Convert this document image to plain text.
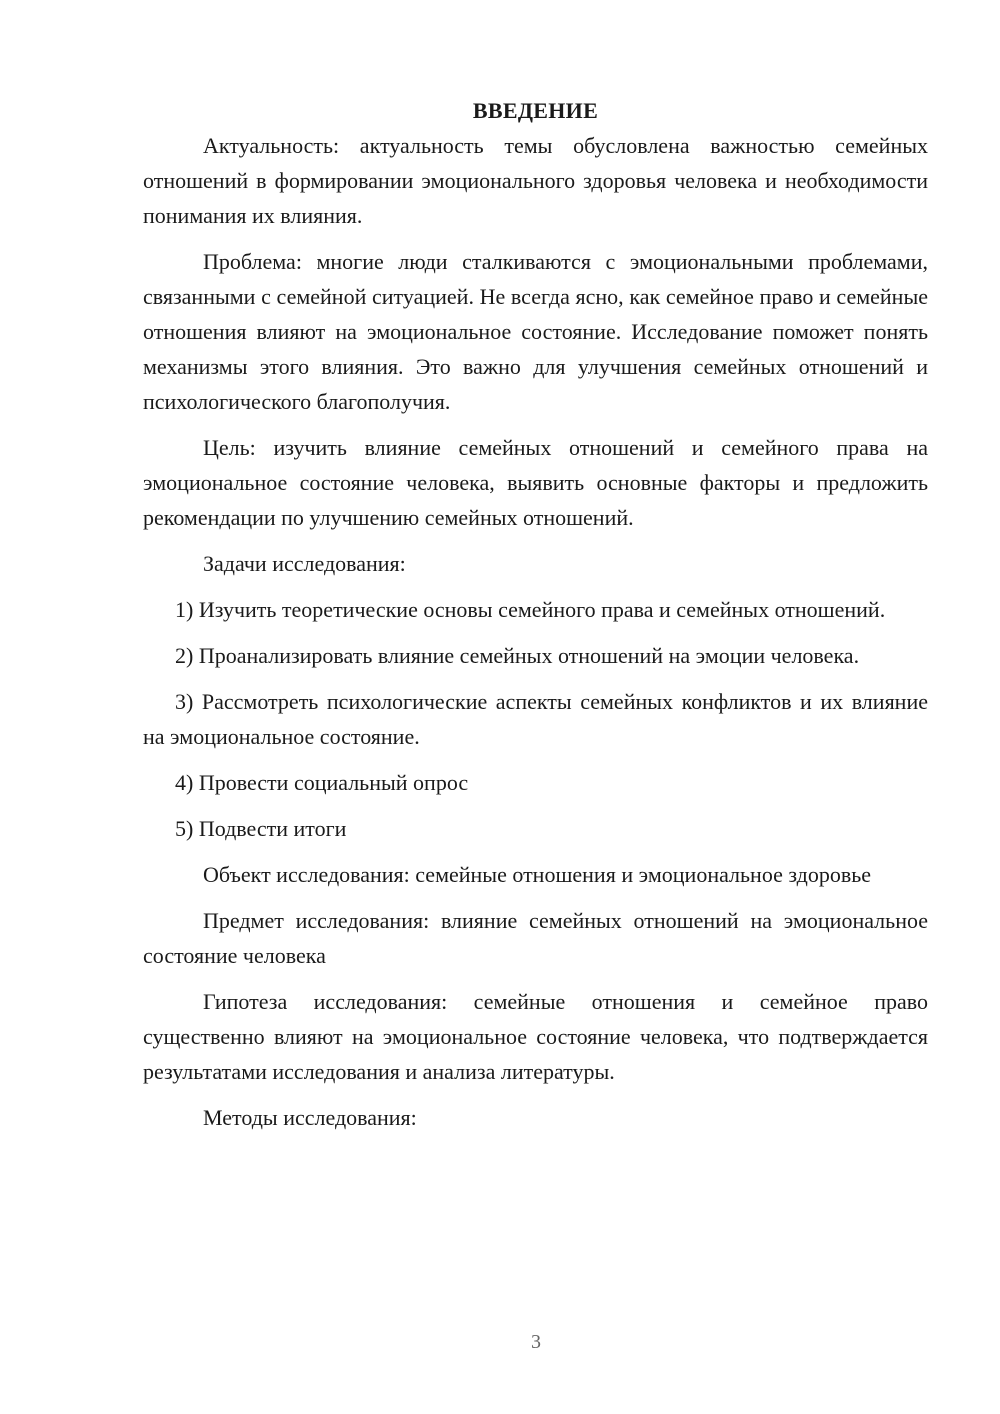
ВВЕДЕНИЕ

Актуальность: актуальность темы обусловлена важностью семейных отношений в формировании эмоционального здоровья человека и необходимости понимания их влияния.

Проблема: многие люди сталкиваются с эмоциональными проблемами, связанными с семейной ситуацией. Не всегда ясно, как семейное право и семейные отношения влияют на эмоциональное состояние. Исследование поможет понять механизмы этого влияния. Это важно для улучшения семейных отношений и психологического благополучия.

Цель: изучить влияние семейных отношений и семейного права на эмоциональное состояние человека, выявить основные факторы и предложить рекомендации по улучшению семейных отношений.

Задачи исследования:

1) Изучить теоретические основы семейного права и семейных отношений.

2) Проанализировать влияние семейных отношений на эмоции человека.

3) Рассмотреть психологические аспекты семейных конфликтов и их влияние на эмоциональное состояние.

4) Провести социальный опрос

5) Подвести итоги

Объект исследования: семейные отношения и эмоциональное здоровье

Предмет исследования: влияние семейных отношений на эмоциональное состояние человека

Гипотеза исследования: семейные отношения и семейное право существенно влияют на эмоциональное состояние человека, что подтверждается результатами исследования и анализа литературы.

Методы исследования:

3
